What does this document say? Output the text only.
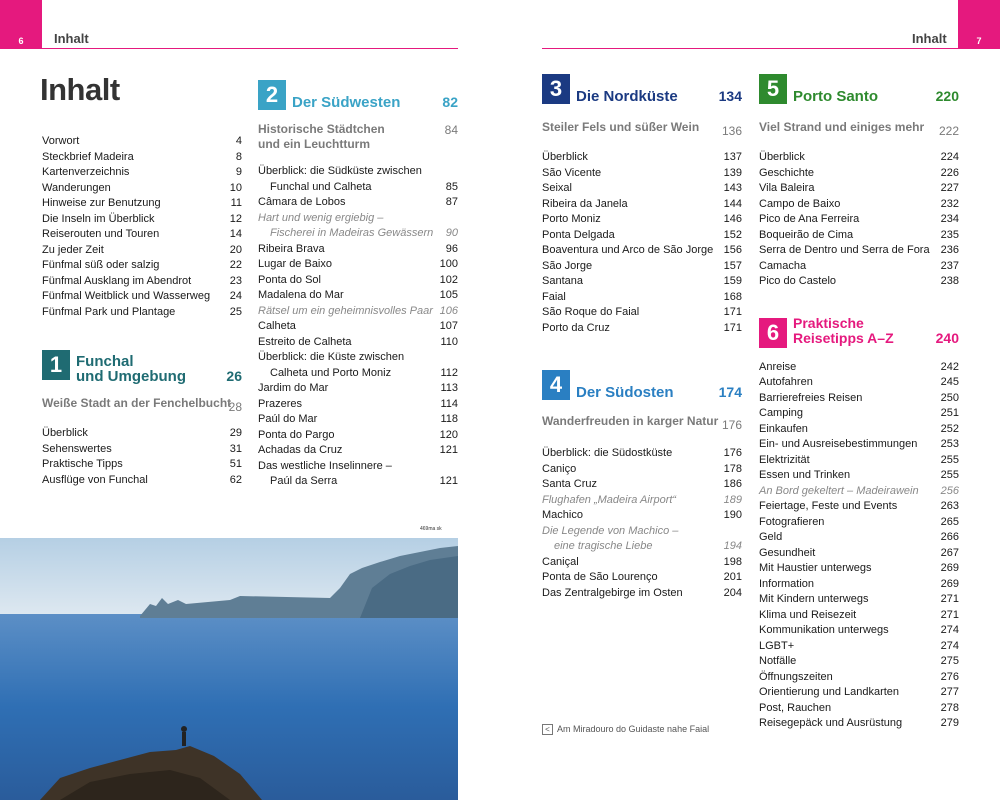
6	Inhalt
Inhalt
Vorwort	4
Steckbrief Madeira	8
Kartenverzeichnis	9
Wanderungen	10
Hinweise zur Benutzung	11
Die Inseln im Überblick	12
Reiserouten und Touren	14
Zu jeder Zeit	20
Fünfmal süß oder salzig	22
Fünfmal Ausklang im Abendrot	23
Fünfmal Weitblick und Wasserweg 24
Fünfmal Park und Plantage	25
1 Funchal
und Umgebung	26
Weiße Stadt an der Fenchelbucht
28
Überblick	29
Sehenswertes	31
Praktische Tipps	51
Ausflüge von Funchal	62
2 Der Südwesten	82
Historische Städtchen
und ein Leuchtturm
84
Überblick: die Südküste zwischen
Funchal und Calheta	85
Câmara de Lobos	87
Hart und wenig ergiebig –
Fischerei in Madeiras Gewässern 90
Ribeira Brava	96
Lugar de Baixo	100
Ponta do Sol	102
Madalena do Mar	105
Rätsel um ein geheimnisvolles Paar 106
Calheta	107
Estreito de Calheta	110
Überblick: die Küste zwischen
Calheta und Porto Moniz	112
Jardim do Mar	113
Prazeres	114
Paúl do Mar	118
Ponta do Pargo	120
Achadas da Cruz	121
Das westliche Inselinnere –
Paúl da Serra	121
469ma sk
7
Inhalt
3 Die Nordküste	134
Steiler Fels und süßer Wein	136
Überblick	137
São Vicente	139
Seixal	143
Ribeira da Janela	144
Porto Moniz	146
Ponta Delgada	152
Boaventura und Arco de São Jorge 156
São Jorge	157
Santana	159
Faial	168
São Roque do Faial	171
Porto da Cruz	171
4 Der Südosten	174
Wanderfreuden in karger Natur 176
Überblick: die Südostküste	176
Caniço	178
Santa Cruz	186
Flughafen „Madeira Airport“	189
Machico	190
Die Legende von Machico –
eine tragische Liebe	194
Caniçal	198
Ponta de São Lourenço	201
Das Zentralgebirge im Osten	204
< Am Miradouro do Guidaste nahe Faial
5 Porto Santo	220
Viel Strand und einiges mehr	222
Überblick	224
Geschichte	226
Vila Baleira	227
Campo de Baixo	232
Pico de Ana Ferreira	234
Boqueirão de Cima	235
Serra de Dentro und Serra de Fora 236
Camacha	237
Pico do Castelo	238
6 Praktische
Reisetipps A–Z	240
Anreise	242
Autofahren	245
Barrierefreies Reisen	250
Camping	251
Einkaufen	252
Ein- und Ausreisebestimmungen 253
Elektrizität	255
Essen und Trinken	255
An Bord gekeltert – Madeirawein 256
Feiertage, Feste und Events	263
Fotografieren	265
Geld	266
Gesundheit	267
Mit Haustier unterwegs	269
Information	269
Mit Kindern unterwegs	271
Klima und Reisezeit	271
Kommunikation unterwegs	274
LGBT+	274
Notfälle	275
Öffnungszeiten	276
Orientierung und Landkarten	277
Post, Rauchen	278
Reisegepäck und Ausrüstung	279
